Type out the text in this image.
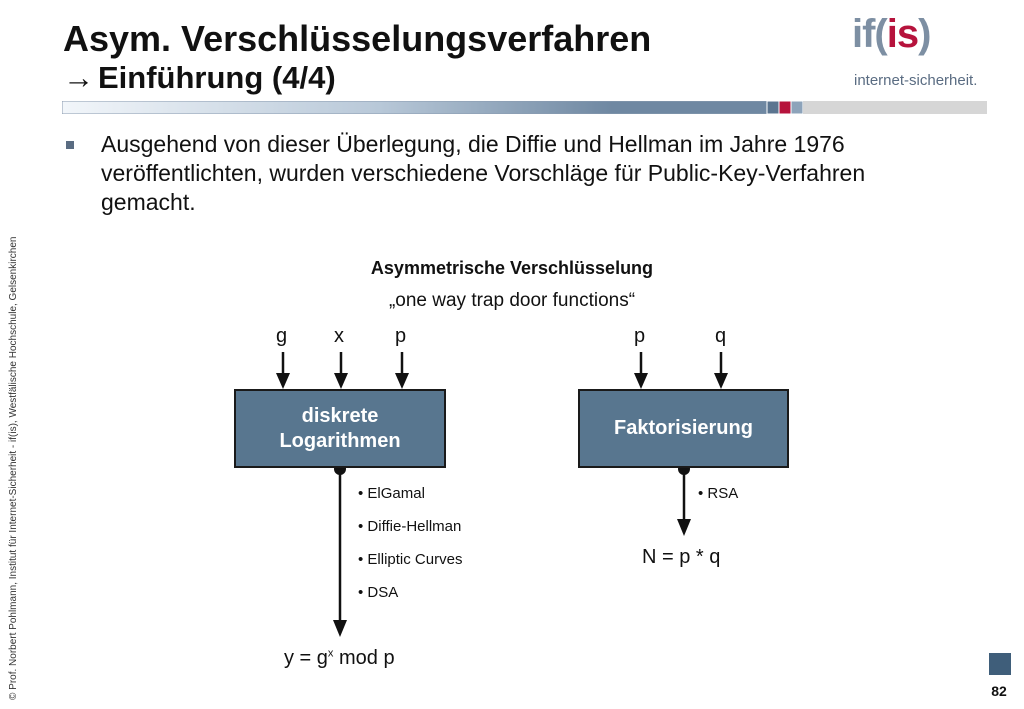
Asym. Verschlüsselungsverfahren
→ Einführung (4/4)
if(is)
internet-sicherheit.
Ausgehend von dieser Überlegung, die Diffie und Hellman im Jahre 1976 veröffentlichten, wurden verschiedene Vorschläge für Public-Key-Verfahren gemacht.
Asymmetrische Verschlüsselung
„one way trap door functions“
g x	p	p	q
diskrete
Logarithmen
Faktorisierung
• ElGamal
• Diffie-Hellman
• Elliptic Curves
• DSA
• RSA
$y = g^x$ mod p
N = p * q
© Prof. Norbert Pohlmann, Institut für Internet-Sicherheit - if(is), Westfälische Hochschule, Gelsenkirchen	82
